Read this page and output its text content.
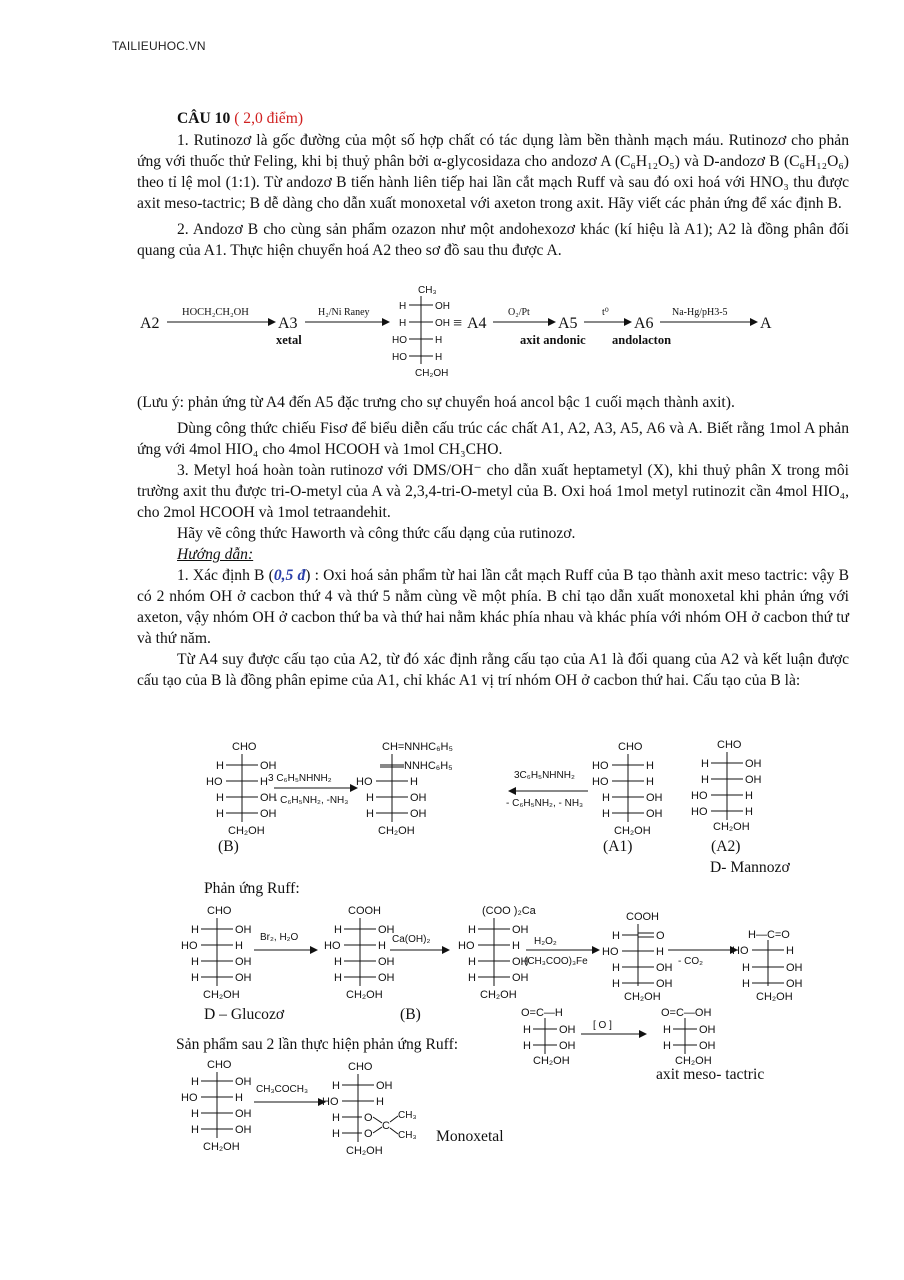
TAILIEUHOC.VN

CÂU 10 ( 2,0 điểm)

1. Rutinozơ là gốc đường của một số hợp chất có tác dụng làm bền thành mạch máu. Rutinozơ cho phản ứng với thuốc thử Feling, khi bị thuỷ phân bởi α-glycosidaza cho andozơ A (C₆H₁₂O₅) và D-andozơ B (C₆H₁₂O₆) theo tỉ lệ mol (1:1). Từ andozơ B tiến hành liên tiếp hai lần cắt mạch Ruff và sau đó oxi hoá với HNO₃ thu được axit meso-tactric; B dễ dàng cho dẫn xuất monoxetal với axeton trong axit. Hãy viết các phản ứng để xác định B.

2. Andozơ B cho cùng sản phẩm ozazon như một andohexozơ khác (kí hiệu là A1); A2 là đồng phân đối quang của A1. Thực hiện chuyển hoá A2 theo sơ đồ sau thu được A.

A2
HOCH₂CH₂OH
A3
xetal
H₂/Ni Raney
CH₃
H	OH
H	OH
HO	H
HO	H
CH₂OH
≡ A4
O₂/Pt
A5
axit andonic
t⁰
A6
andolacton
Na-Hg/pH3-5
A

(Lưu ý: phản ứng từ A4 đến A5 đặc trưng cho sự chuyển hoá ancol bậc 1 cuối mạch thành axit).

Dùng công thức chiếu Fisơ để biểu diễn cấu trúc các chất A1, A2, A3, A5, A6 và A. Biết rằng 1mol A phản ứng với 4mol HIO₄ cho 4mol HCOOH và 1mol CH₃CHO.

3. Metyl hoá hoàn toàn rutinozơ với DMS/OH⁻ cho dẫn xuất heptametyl (X), khi thuỷ phân X trong môi trường axit thu được tri-O-metyl của A và 2,3,4-tri-O-metyl của B. Oxi hoá 1mol metyl rutinozit cần 4mol HIO₄, cho 2mol HCOOH và 1mol tetraandehit.

Hãy vẽ công thức Haworth và công thức cấu dạng của rutinozơ.

Hướng dẫn:

1. Xác định B (0,5 đ) : Oxi hoá sản phẩm từ hai lần cắt mạch Ruff của B tạo thành axit meso tactric: vậy B có 2 nhóm OH ở cacbon thứ 4 và thứ 5 nằm cùng về một phía. B chỉ tạo dẫn xuất monoxetal khi phản ứng với axeton, vậy nhóm OH ở cacbon thứ ba và thứ hai nằm khác phía nhau và khác phía với nhóm OH ở cacbon thứ tư và thứ năm.

Từ A4 suy được cấu tạo của A2, từ đó xác định rằng cấu tạo của A1 là đối quang của A2 và kết luận được cấu tạo của B là đồng phân epime của A1, chỉ khác A1 vị trí nhóm OH ở cacbon thứ hai. Cấu tạo của B là:

CHO
H	OH
HO	H
H	OH
H	OH
CH₂OH
3 C₆H₅NHNH₂
- C₆H₅NH₂, -NH₃
CH=NNHC₆H₅
NNHC₆H₅
HO	H
H	OH
H	OH
CH₂OH
3C₆H₅NHNH₂
- C₆H₅NH₂, - NH₃
CHO
HO	H
HO	H
H	OH
H	OH
CH₂OH
CHO
H	OH
H	OH
HO	H
HO	H
CH₂OH
(B)	(A1)	(A2)
D- Mannozơ
Phản ứng Ruff:
CHO
H	OH
HO	H
H	OH
H	OH
CH₂OH
Br₂, H₂O
COOH
H	OH
HO	H
H	OH
H	OH
CH₂OH
Ca(OH)₂
(COO )₂Ca
H	OH
HO	H
H	OH
H	OH
CH₂OH
H₂O₂
(CH₃COO)₃Fe
COOH
H	O
HO	H
H	OH
H	OH
CH₂OH
- CO₂
H—C=O
HO	H
H	OH
H	OH
CH₂OH
D – Glucozơ	(B)	O=C—H
H	OH
H	OH
CH₂OH
[ O ]
O=C—OH
H	OH
H	OH
CH₂OH
Sản phẩm sau 2 lần thực hiện phản ứng Ruff:
axit meso- tactric
CHO
H	OH
HO	H
H	OH
H	OH
CH₂OH
CH₃COCH₃
CHO
H	OH
HO	H
H
H
O
O
C
CH₃
CH₃
CH₂OH
Monoxetal
